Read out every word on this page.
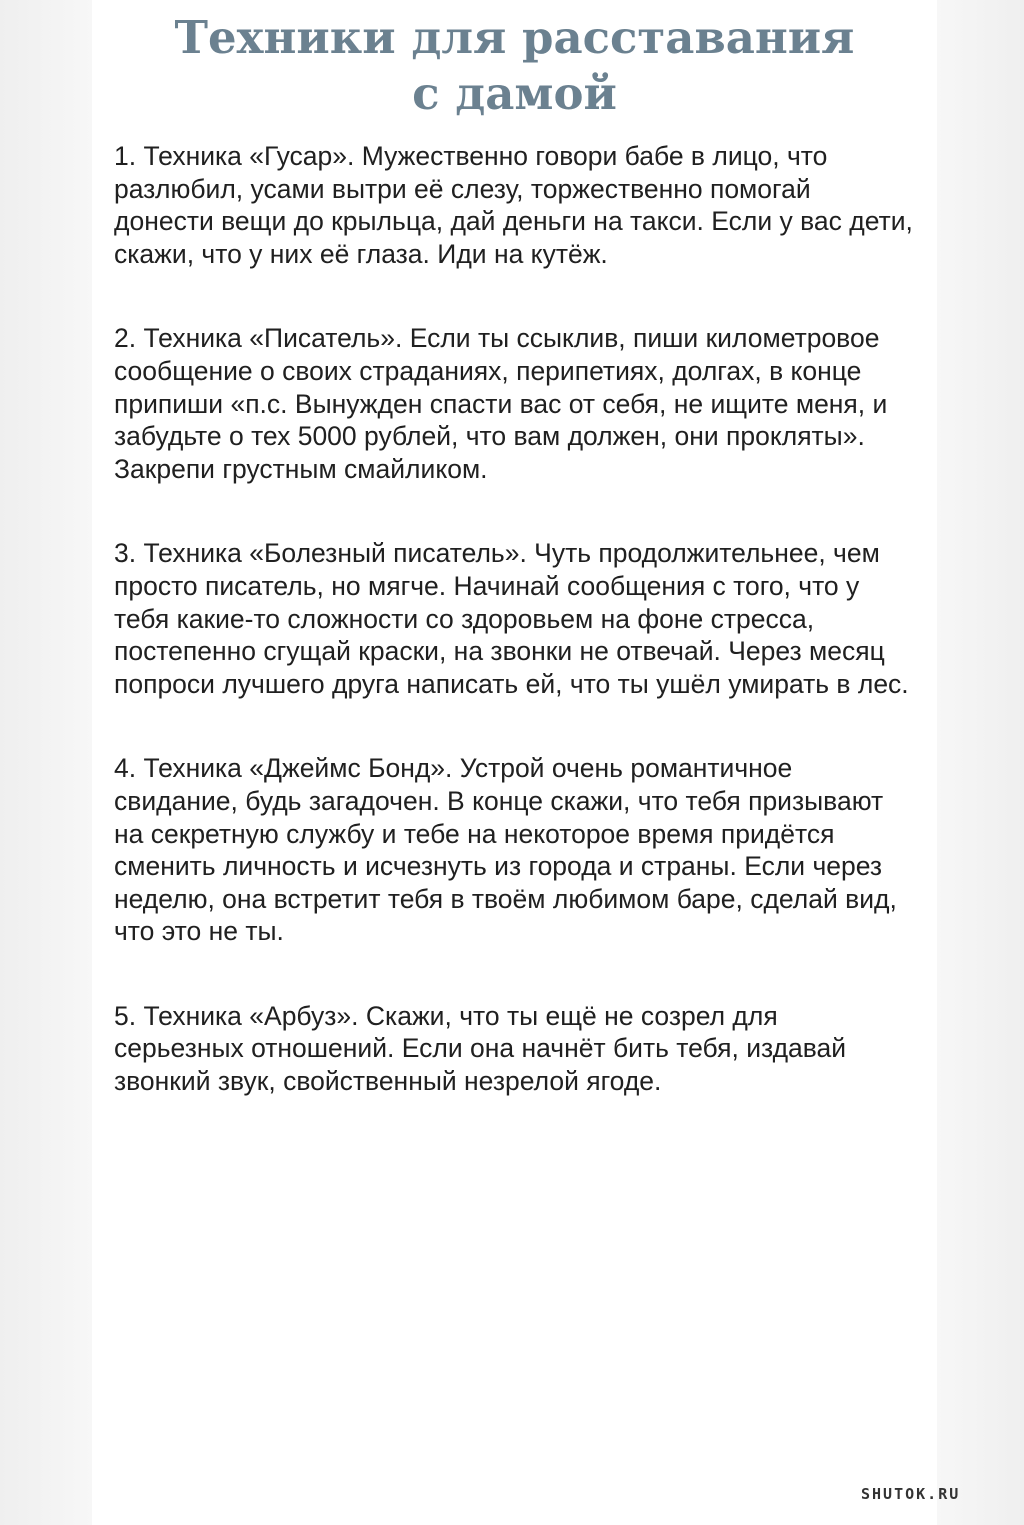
Техники для расставания
с дамой

1. Техника «Гусар». Мужественно говори бабе в лицо, что разлюбил, усами вытри её слезу, торжественно помогай донести вещи до крыльца, дай деньги на такси. Если у вас дети, скажи, что у них её глаза. Иди на кутёж.

2. Техника «Писатель». Если ты ссыклив, пиши километровое сообщение о своих страданиях, перипетиях, долгах, в конце припиши «п.с. Вынужден спасти вас от себя, не ищите меня, и забудьте о тех 5000 рублей, что вам должен, они прокляты». Закрепи грустным смайликом.

3. Техника «Болезный писатель». Чуть продолжительнее, чем просто писатель, но мягче. Начинай сообщения с того, что у тебя какие-то сложности со здоровьем на фоне стресса, постепенно сгущай краски, на звонки не отвечай. Через месяц попроси лучшего друга написать ей, что ты ушёл умирать в лес.

4. Техника «Джеймс Бонд». Устрой очень романтичное свидание, будь загадочен. В конце скажи, что тебя призывают на секретную службу и тебе на некоторое время придётся сменить личность и исчезнуть из города и страны. Если через неделю, она встретит тебя в твоём любимом баре, сделай вид, что это не ты.

5. Техника «Арбуз». Скажи, что ты ещё не созрел для серьезных отношений. Если она начнёт бить тебя, издавай звонкий звук, свойственный незрелой ягоде.

SHUTOK.RU
